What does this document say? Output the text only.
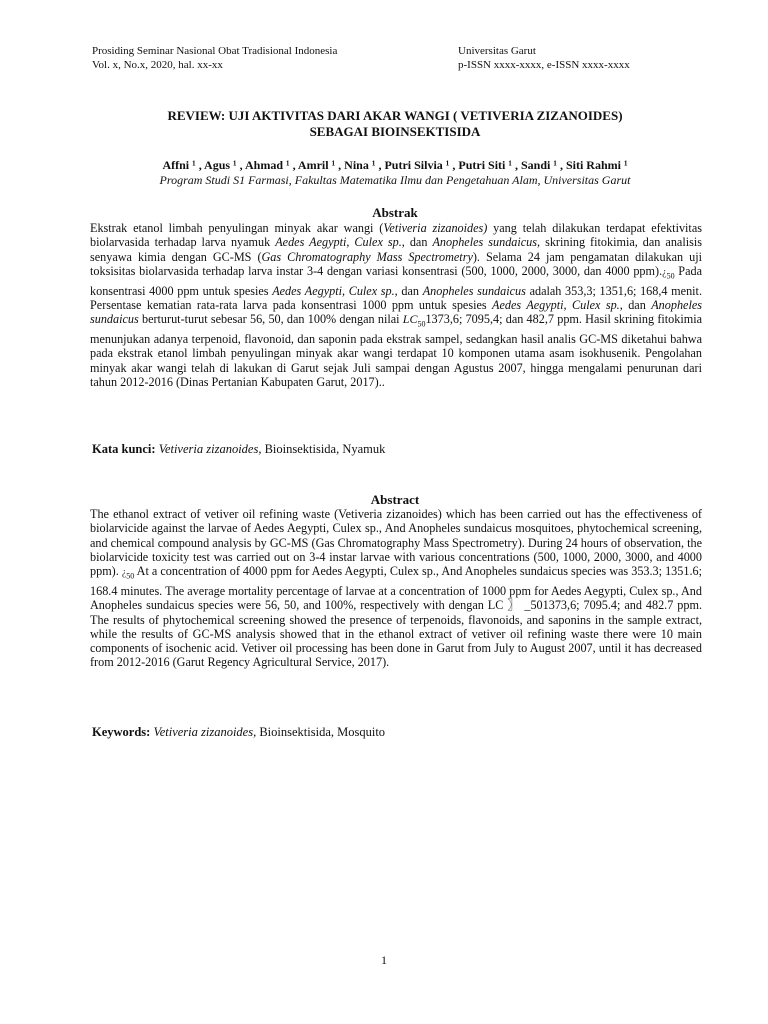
Prosiding Seminar Nasional Obat Tradisional Indonesia
Vol. x, No.x, 2020, hal. xx-xx
Universitas Garut
p-ISSN xxxx-xxxx, e-ISSN xxxx-xxxx
REVIEW: UJI AKTIVITAS DARI AKAR WANGI ( VETIVERIA ZIZANOIDES)
SEBAGAI BIOINSEKTISIDA
Affni ¹ , Agus ¹ , Ahmad ¹ , Amril ¹ , Nina ¹ , Putri Silvia ¹ , Putri Siti ¹ , Sandi ¹ , Siti Rahmi ¹
Program Studi S1 Farmasi, Fakultas Matematika Ilmu dan Pengetahuan Alam, Universitas Garut
Abstrak
Ekstrak etanol limbah penyulingan minyak akar wangi (Vetiveria zizanoides) yang telah dilakukan terdapat efektivitas biolarvasida terhadap larva nyamuk Aedes Aegypti, Culex sp., dan Anopheles sundaicus, skrining fitokimia, dan analisis senyawa kimia dengan GC-MS (Gas Chromatography Mass Spectrometry). Selama 24 jam pengamatan dilakukan uji toksisitas biolarvasida terhadap larva instar 3-4 dengan variasi konsentrasi (500, 1000, 2000, 3000, dan 4000 $ppm).¿_{50}$ Pada konsentrasi 4000 ppm untuk spesies Aedes Aegypti, Culex sp., dan Anopheles sundaicus adalah 353,3; 1351,6; 168,4 menit. Persentase kematian rata-rata larva pada konsentrasi 1000 ppm untuk spesies Aedes Aegypti, Culex sp., dan Anopheles sundaicus berturut-turut sebesar 56, 50, dan 100% dengan nilai $LC_{50}1373,6$; 7095,4; dan 482,7 ppm. Hasil skrining fitokimia menunjukan adanya terpenoid, flavonoid, dan saponin pada ekstrak sampel, sedangkan hasil analis GC-MS diketahui bahwa pada ekstrak etanol limbah penyulingan minyak akar wangi terdapat 10 komponen utama asam isokhusenik. Pengolahan minyak akar wangi telah di lakukan di Garut sejak Juli sampai dengan Agustus 2007, hingga mengalami penurunan dari tahun 2012-2016 (Dinas Pertanian Kabupaten Garut, 2017)..
Kata kunci: Vetiveria zizanoides, Bioinsektisida, Nyamuk
Abstract
The ethanol extract of vetiver oil refining waste (Vetiveria zizanoides) which has been carried out has the effectiveness of biolarvicide against the larvae of Aedes Aegypti, Culex sp., And Anopheles sundaicus mosquitoes, phytochemical screening, and chemical compound analysis by GC-MS (Gas Chromatography Mass Spectrometry). During 24 hours of observation, the biolarvicide toxicity test was carried out on 3-4 instar larvae with various concentrations (500, 1000, 2000, 3000, and 4000 ppm). ¿$_{50}$ At a concentration of 4000 ppm for Aedes Aegypti, Culex sp., And Anopheles sundaicus species was 353.3; 1351.6; 168.4 minutes. The average mortality percentage of larvae at a concentration of 1000 ppm for Aedes Aegypti, Culex sp., And Anopheles sundaicus species were 56, 50, and 100%, respectively with dengan LC 〗 _501373,6; 7095.4; and 482.7 ppm. The results of phytochemical screening showed the presence of terpenoids, flavonoids, and saponins in the sample extract, while the results of GC-MS analysis showed that in the ethanol extract of vetiver oil refining waste there were 10 main components of isochenic acid. Vetiver oil processing has been done in Garut from July to August 2007, until it has decreased from 2012-2016 (Garut Regency Agricultural Service, 2017).
Keywords: Vetiveria zizanoides, Bioinsektisida, Mosquito
1
